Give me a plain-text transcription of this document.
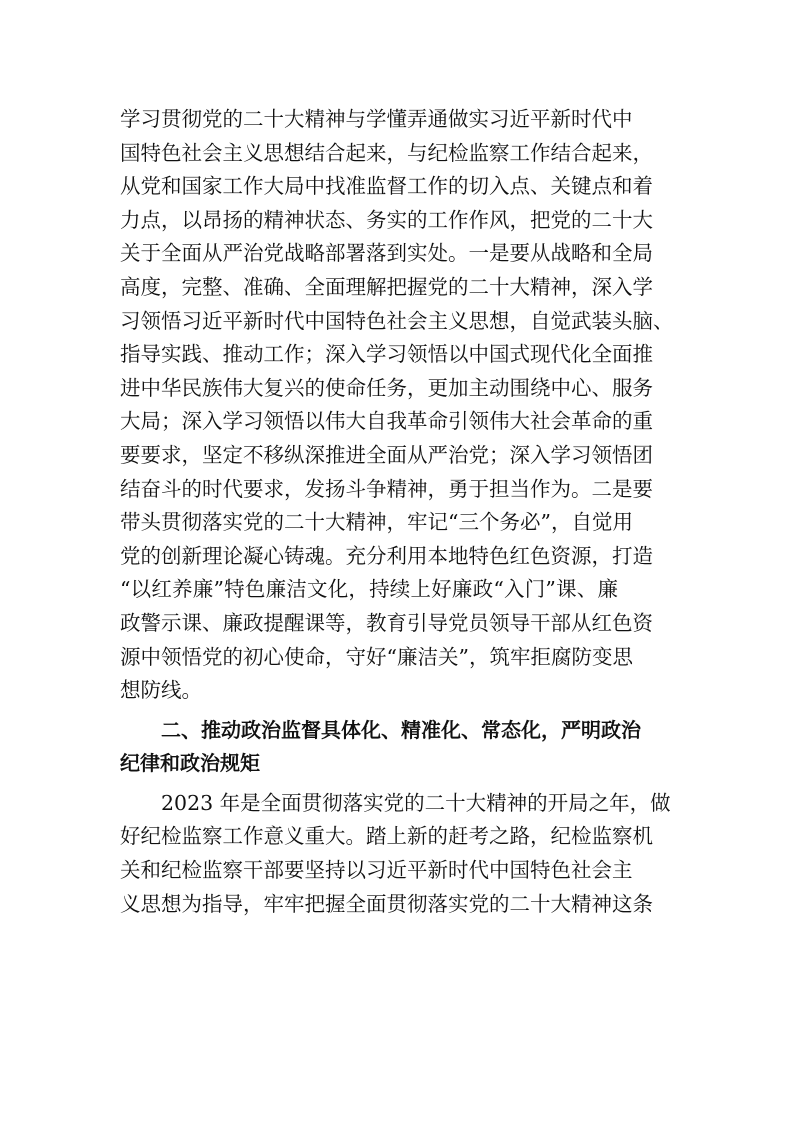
学习贯彻党的二十大精神与学懂弄通做实习近平新时代中
国特色社会主义思想结合起来，与纪检监察工作结合起来，
从党和国家工作大局中找准监督工作的切入点、关键点和着
力点，以昂扬的精神状态、务实的工作作风，把党的二十大
关于全面从严治党战略部署落到实处。一是要从战略和全局
高度，完整、准确、全面理解把握党的二十大精神，深入学
习领悟习近平新时代中国特色社会主义思想，自觉武装头脑、
指导实践、推动工作；深入学习领悟以中国式现代化全面推
进中华民族伟大复兴的使命任务，更加主动围绕中心、服务
大局；深入学习领悟以伟大自我革命引领伟大社会革命的重
要要求，坚定不移纵深推进全面从严治党；深入学习领悟团
结奋斗的时代要求，发扬斗争精神，勇于担当作为。二是要
带头贯彻落实党的二十大精神，牢记“三个务必”，自觉用
党的创新理论凝心铸魂。充分利用本地特色红色资源，打造
“以红养廉”特色廉洁文化，持续上好廉政“入门”课、廉
政警示课、廉政提醒课等，教育引导党员领导干部从红色资
源中领悟党的初心使命，守好“廉洁关”，筑牢拒腐防变思
想防线。
二、推动政治监督具体化、精准化、常态化，严明政治
纪律和政治规矩
2023 年是全面贯彻落实党的二十大精神的开局之年，做
好纪检监察工作意义重大。踏上新的赶考之路，纪检监察机
关和纪检监察干部要坚持以习近平新时代中国特色社会主
义思想为指导，牢牢把握全面贯彻落实党的二十大精神这条
